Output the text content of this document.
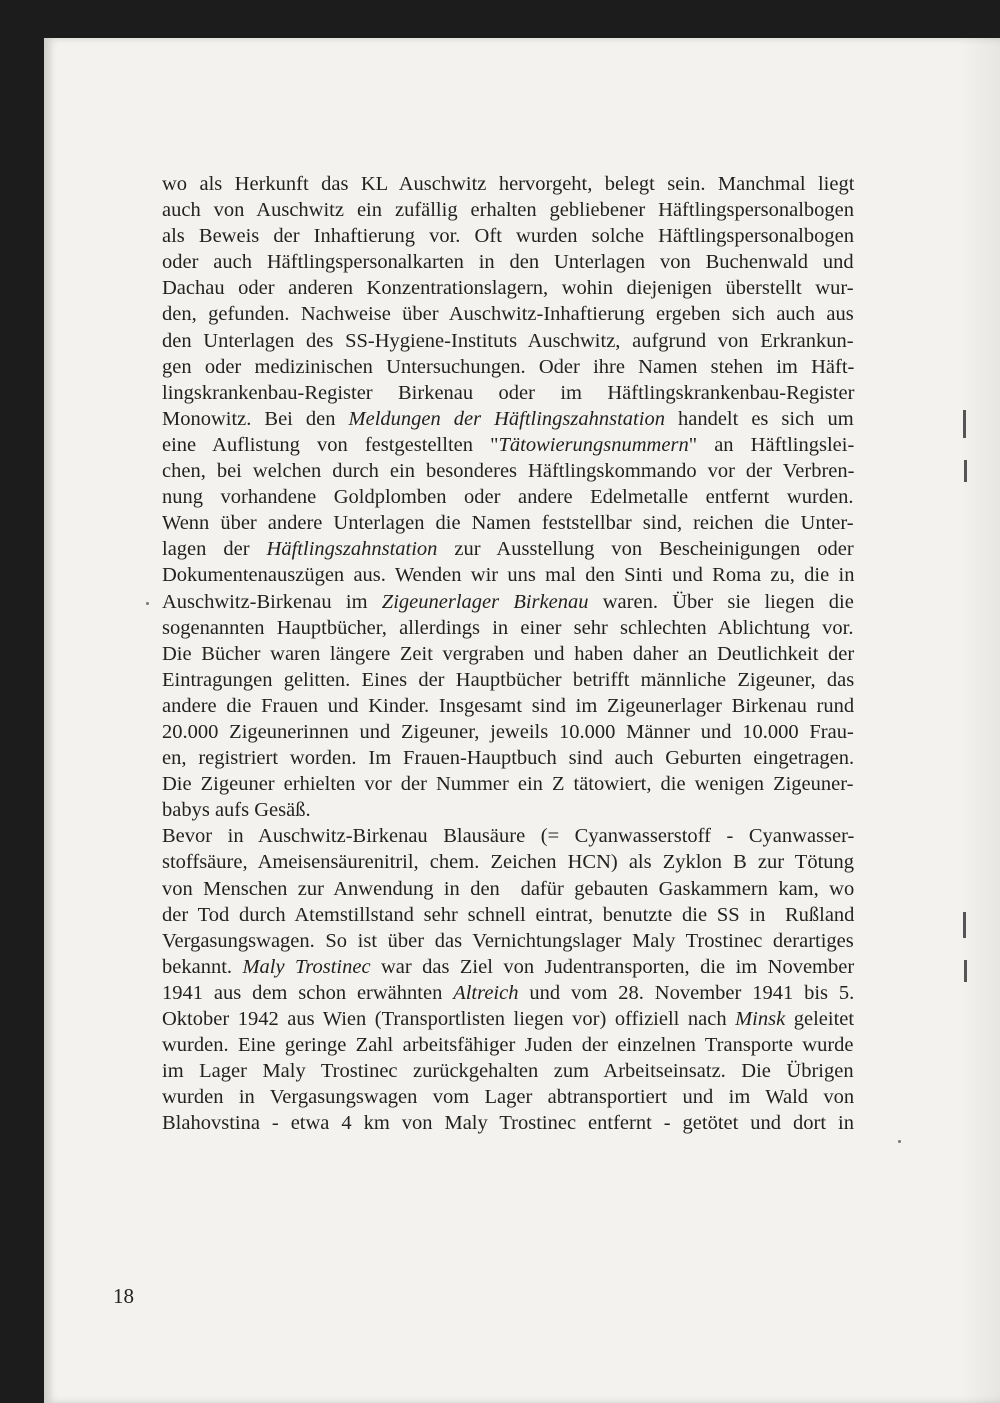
wo als Herkunft das KL Auschwitz hervorgeht, belegt sein. Manchmal liegt
auch von Auschwitz ein zufällig erhalten gebliebener Häftlingspersonalbogen
als Beweis der Inhaftierung vor. Oft wurden solche Häftlingspersonalbogen
oder auch Häftlingspersonalkarten in den Unterlagen von Buchenwald und
Dachau oder anderen Konzentrationslagern, wohin diejenigen überstellt wur-
den, gefunden. Nachweise über Auschwitz-Inhaftierung ergeben sich auch aus
den Unterlagen des SS-Hygiene-Instituts Auschwitz, aufgrund von Erkrankun-
gen oder medizinischen Untersuchungen. Oder ihre Namen stehen im Häft-
lingskrankenbau-Register Birkenau oder im Häftlingskrankenbau-Register
Monowitz. Bei den Meldungen der Häftlingszahnstation handelt es sich um
eine Auflistung von festgestellten "Tätowierungsnummern" an Häftlingslei-
chen, bei welchen durch ein besonderes Häftlingskommando vor der Verbren-
nung vorhandene Goldplomben oder andere Edelmetalle entfernt wurden.
Wenn über andere Unterlagen die Namen feststellbar sind, reichen die Unter-
lagen der Häftlingszahnstation zur Ausstellung von Bescheinigungen oder
Dokumentenauszügen aus. Wenden wir uns mal den Sinti und Roma zu, die in
Auschwitz-Birkenau im Zigeunerlager Birkenau waren. Über sie liegen die
sogenannten Hauptbücher, allerdings in einer sehr schlechten Ablichtung vor.
Die Bücher waren längere Zeit vergraben und haben daher an Deutlichkeit der
Eintragungen gelitten. Eines der Hauptbücher betrifft männliche Zigeuner, das
andere die Frauen und Kinder. Insgesamt sind im Zigeunerlager Birkenau rund
20.000 Zigeunerinnen und Zigeuner, jeweils 10.000 Männer und 10.000 Frau-
en, registriert worden. Im Frauen-Hauptbuch sind auch Geburten eingetragen.
Die Zigeuner erhielten vor der Nummer ein Z tätowiert, die wenigen Zigeuner-
babys aufs Gesäß.
Bevor in Auschwitz-Birkenau Blausäure (= Cyanwasserstoff - Cyanwasser-
stoffsäure, Ameisensäurenitril, chem. Zeichen HCN) als Zyklon B zur Tötung
von Menschen zur Anwendung in den  dafür gebauten Gaskammern kam, wo
der Tod durch Atemstillstand sehr schnell eintrat, benutzte die SS in  Rußland
Vergasungswagen. So ist über das Vernichtungslager Maly Trostinec derartiges
bekannt. Maly Trostinec war das Ziel von Judentransporten, die im November
1941 aus dem schon erwähnten Altreich und vom 28. November 1941 bis 5.
Oktober 1942 aus Wien (Transportlisten liegen vor) offiziell nach Minsk geleitet
wurden. Eine geringe Zahl arbeitsfähiger Juden der einzelnen Transporte wurde
im Lager Maly Trostinec zurückgehalten zum Arbeitseinsatz. Die Übrigen
wurden in Vergasungswagen vom Lager abtransportiert und im Wald von
Blahovstina - etwa 4 km von Maly Trostinec entfernt - getötet und dort in
18
